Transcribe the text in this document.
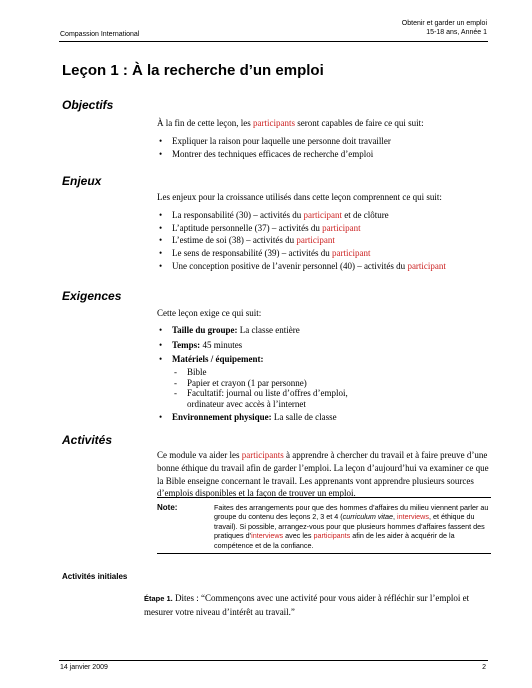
Obtenir et garder un emploi
15-18 ans, Année 1
Compassion International
Leçon 1 : À la recherche d’un emploi
Objectifs

À la fin de cette leçon, les participants seront capables de faire ce qui suit:

• Expliquer la raison pour laquelle une personne doit travailler
• Montrer des techniques efficaces de recherche d’emploi
Enjeux

Les enjeux pour la croissance utilisés dans cette leçon comprennent ce qui suit:

• La responsabilité (30) – activités du participant et de clôture
• L’aptitude personnelle (37) – activités du participant
• L’estime de soi (38) – activités du participant
• Le sens de responsabilité (39) – activités du participant
• Une conception positive de l’avenir personnel (40) – activités du participant
Exigences

Cette leçon exige ce qui suit:

• Taille du groupe: La classe entière
• Temps: 45 minutes
• Matériels / équipement:
- Bible
- Papier et crayon (1 par personne)
- Facultatif: journal ou liste d’offres d’emploi, ordinateur avec accès à l’internet
• Environnement physique: La salle de classe
Activités

Ce module va aider les participants à apprendre à chercher du travail et à faire preuve d’une bonne éthique du travail afin de garder l’emploi. La leçon d’aujourd’hui va examiner ce que la Bible enseigne concernant le travail. Les apprenants vont apprendre plusieurs sources d’emplois disponibles et la façon de trouver un emploi.

Note:	Faites des arrangements pour que des hommes d’affaires du milieu viennent parler au groupe du contenu des leçons 2, 3 et 4 (curriculum vitae, interviews, et éthique du travail). Si possible, arrangez-vous pour que plusieurs hommes d’affaires fassent des pratiques d’interviews avec les participants afin de les aider à acquérir de la compétence et de la confiance.
Activités initiales
Étape 1. Dites : “Commençons avec une activité pour vous aider à réfléchir sur l’emploi et mesurer votre niveau d’intérêt au travail.”
14 janvier 2009	2
